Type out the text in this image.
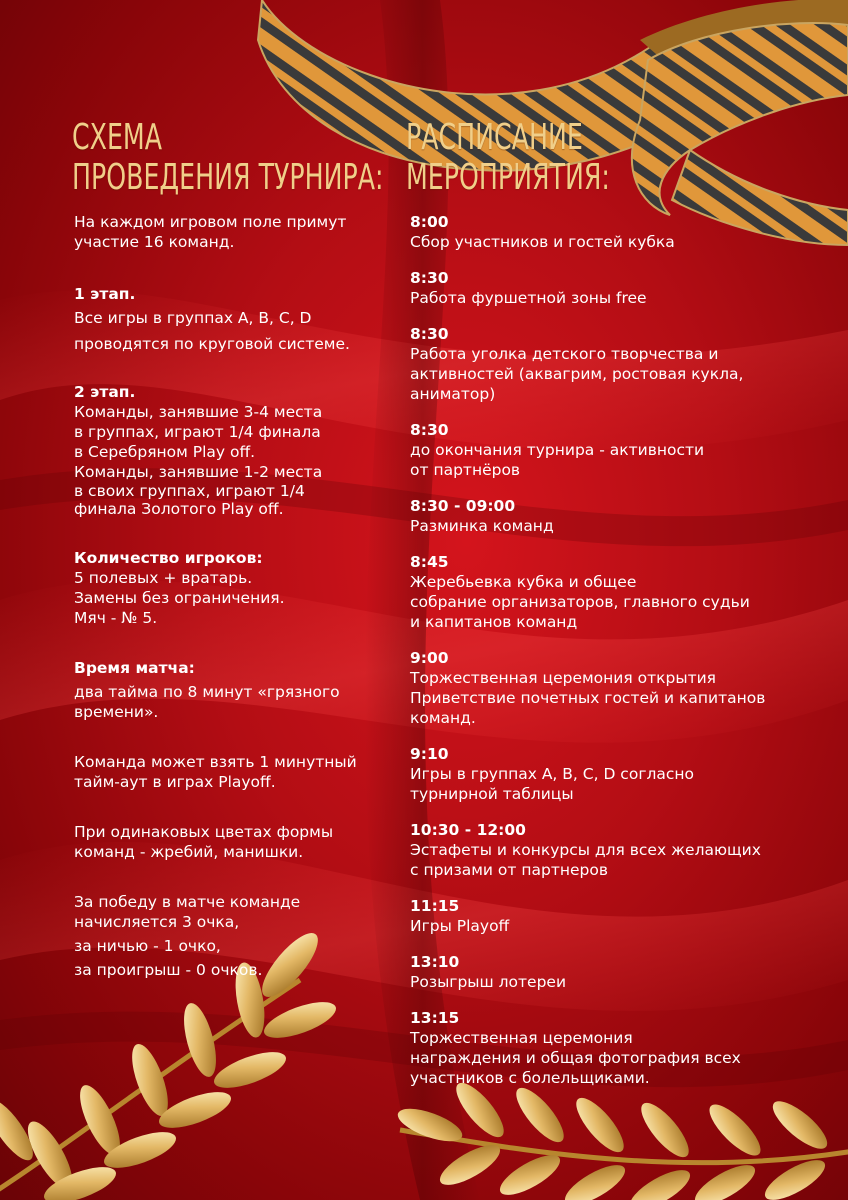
СХЕМА
ПРОВЕДЕНИЯ ТУРНИРА:
РАСПИСАНИЕ
МЕРОПРИЯТИЯ:
На каждом игровом поле примут
участие 16 команд.
1 этап.
Все игры в группах A, B, C, D
проводятся по круговой системе.
2 этап.
Команды, занявшие 3-4 места
в группах, играют 1/4 финала
в Серебряном Play off.
Команды, занявшие 1-2 места
в своих группах, играют 1/4
финала Золотого Play off.
Количество игроков:
5 полевых + вратарь.
Замены без ограничения.
Мяч - № 5.
Время матча:
два тайма по 8 минут «грязного
времени».
Команда может взять 1 минутный
тайм-аут в играх Playoff.
При одинаковых цветах формы
команд - жребий, манишки.
За победу в матче команде
начисляется 3 очка,
за ничью - 1 очко,
за проигрыш - 0 очков.
8:00
Сбор участников и гостей кубка
8:30
Работа фуршетной зоны free
8:30
Работа уголка детского творчества и
активностей (аквагрим, ростовая кукла,
аниматор)
8:30
до окончания турнира - активности
от партнёров
8:30 - 09:00
Разминка команд
8:45
Жеребьевка кубка и общее
собрание организаторов, главного судьи
и капитанов команд
9:00
Торжественная церемония открытия
Приветствие почетных гостей и капитанов
команд.
9:10
Игры в группах A, B, C, D согласно
турнирной таблицы
10:30 - 12:00
Эстафеты и конкурсы для всех желающих
с призами от партнеров
11:15
Игры Playoff
13:10
Розыгрыш лотереи
13:15
Торжественная церемония
награждения и общая фотография всех
участников с болельщиками.
